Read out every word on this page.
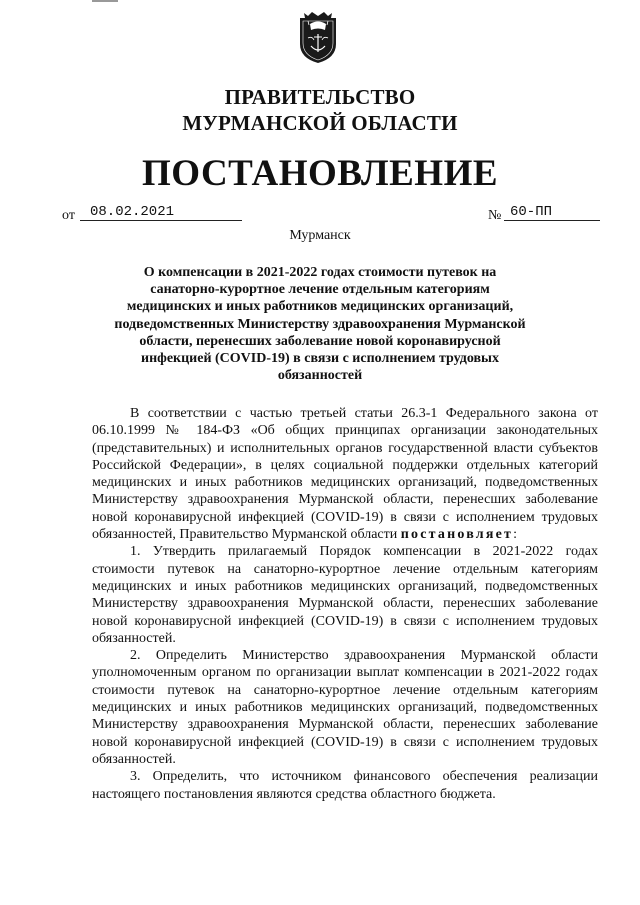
ПРАВИТЕЛЬСТВО
МУРМАНСКОЙ ОБЛАСТИ
ПОСТАНОВЛЕНИЕ
от	08.02.2021	№ 60-ПП
Мурманск
О компенсации в 2021-2022 годах стоимости путевок на санаторно-курортное лечение отдельным категориям медицинских и иных работников медицинских организаций, подведомственных Министерству здравоохранения Мурманской области, перенесших заболевание новой коронавирусной инфекцией (COVID-19) в связи с исполнением трудовых обязанностей

В соответствии с частью третьей статьи 26.3-1 Федерального закона от 06.10.1999 № 184-ФЗ «Об общих принципах организации законодательных (представительных) и исполнительных органов государственной власти субъектов Российской Федерации», в целях социальной поддержки отдельных категорий медицинских и иных работников медицинских организаций, подведомственных Министерству здравоохранения Мурманской области, перенесших заболевание новой коронавирусной инфекцией (COVID-19) в связи с исполнением трудовых обязанностей, Правительство Мурманской области постановляет:

1. Утвердить прилагаемый Порядок компенсации в 2021-2022 годах стоимости путевок на санаторно-курортное лечение отдельным категориям медицинских и иных работников медицинских организаций, подведомственных Министерству здравоохранения Мурманской области, перенесших заболевание новой коронавирусной инфекцией (COVID-19) в связи с исполнением трудовых обязанностей.

2. Определить Министерство здравоохранения Мурманской области уполномоченным органом по организации выплат компенсации в 2021-2022 годах стоимости путевок на санаторно-курортное лечение отдельным категориям медицинских и иных работников медицинских организаций, подведомственных Министерству здравоохранения Мурманской области, перенесших заболевание новой коронавирусной инфекцией (COVID-19) в связи с исполнением трудовых обязанностей.

3. Определить, что источником финансового обеспечения реализации настоящего постановления являются средства областного бюджета.
